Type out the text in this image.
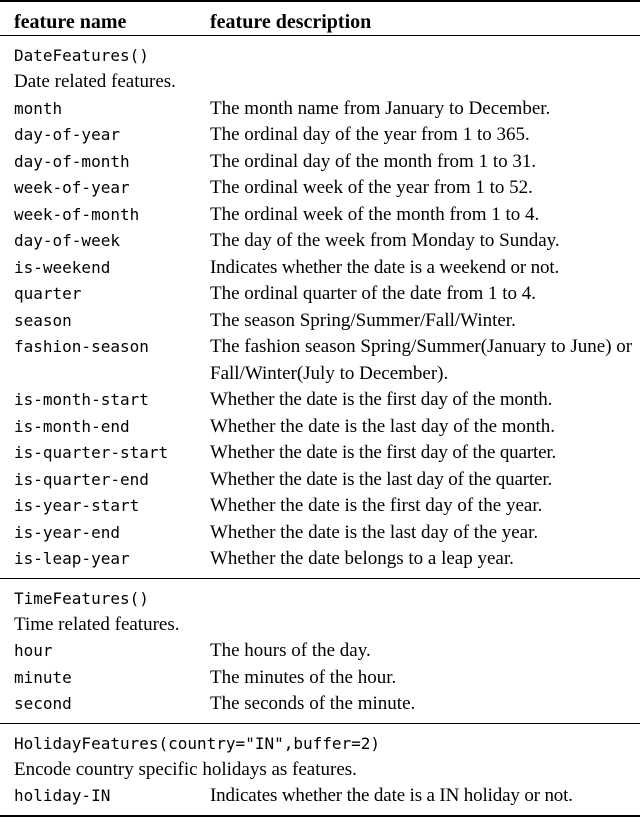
feature name	feature description
DateFeatures()
Date related features.
month	The month name from January to December.
day-of-year	The ordinal day of the year from 1 to 365.
day-of-month	The ordinal day of the month from 1 to 31.
week-of-year	The ordinal week of the year from 1 to 52.
week-of-month	The ordinal week of the month from 1 to 4.
day-of-week	The day of the week from Monday to Sunday.
is-weekend	Indicates whether the date is a weekend or not.
quarter	The ordinal quarter of the date from 1 to 4.
season	The season Spring/Summer/Fall/Winter.
fashion-season	The fashion season Spring/Summer(January to June) or Fall/Winter(July to December).
is-month-start	Whether the date is the first day of the month.
is-month-end	Whether the date is the last day of the month.
is-quarter-start Whether the date is the first day of the quarter.
is-quarter-end	Whether the date is the last day of the quarter.
is-year-start	Whether the date is the first day of the year.
is-year-end	Whether the date is the last day of the year.
is-leap-year	Whether the date belongs to a leap year.
TimeFeatures()
Time related features.
hour	The hours of the day.
minute	The minutes of the hour.
second	The seconds of the minute.
HolidayFeatures(country="IN",buffer=2)
Encode country specific holidays as features.
holiday-IN	Indicates whether the date is a IN holiday or not.
